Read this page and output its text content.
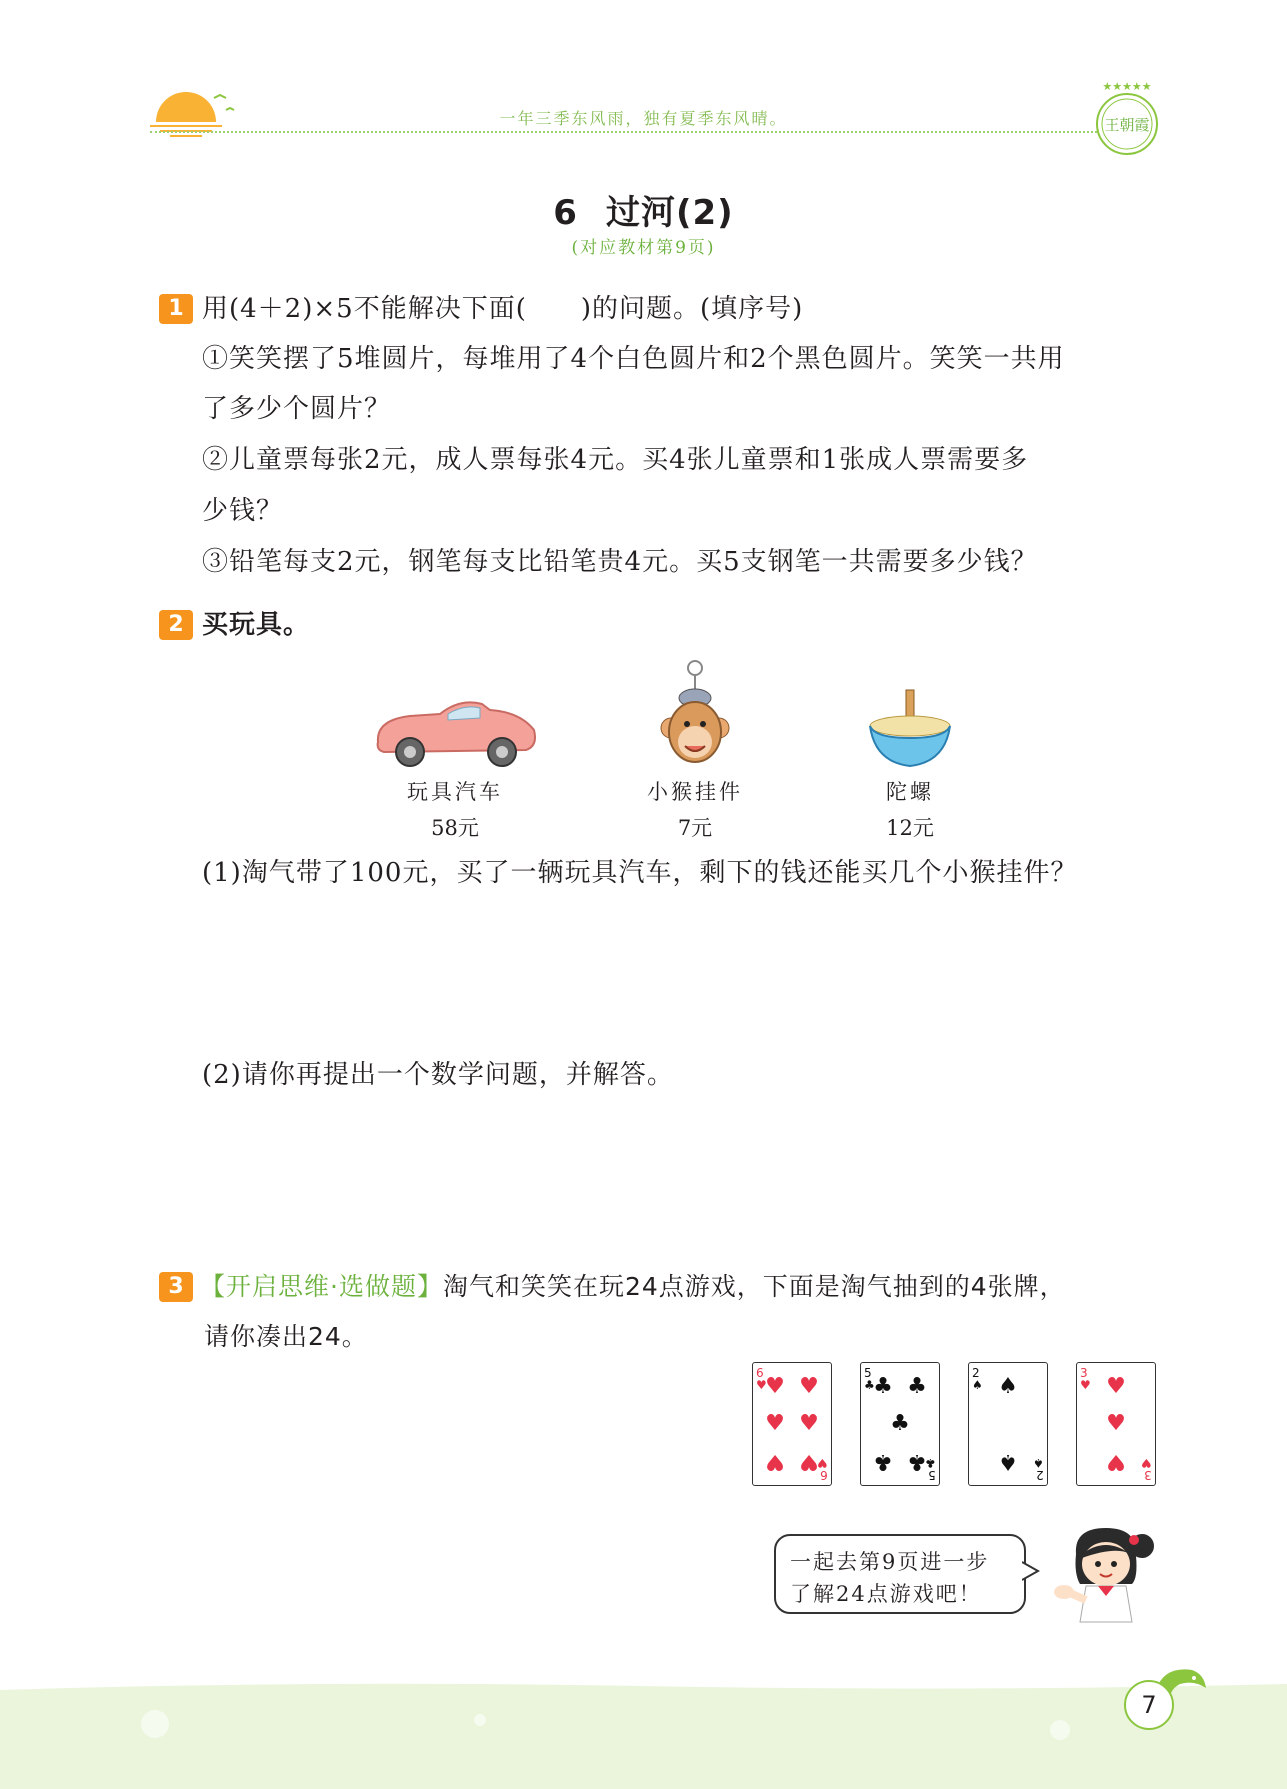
一年三季东风雨，独有夏季东风晴。
★★★★★
王朝霞
6 过河(2)
(对应教材第9页)
1 用(4＋2)×5不能解决下面(　　)的问题。(填序号)
①笑笑摆了5堆圆片，每堆用了4个白色圆片和2个黑色圆片。笑笑一共用
了多少个圆片？
②儿童票每张2元，成人票每张4元。买4张儿童票和1张成人票需要多
少钱？
③铅笔每支2元，钢笔每支比铅笔贵4元。买5支钢笔一共需要多少钱？
2 买玩具。
玩具汽车
58元
小猴挂件
7元
陀螺
12元
(1)淘气带了100元，买了一辆玩具汽车，剩下的钱还能买几个小猴挂件？
(2)请你再提出一个数学问题，并解答。
3 【开启思维·选做题】淘气和笑笑在玩24点游戏，下面是淘气抽到的4张牌，
请你凑出24。
6
♥
♥ ♥
♥ ♥
♥ ♥
6
♥
5
♣
♣ ♣
♣
♣ ♣
5
♣
2
♠ ♠
♠
2
♠
3
♥ ♥
♥
♥
3
♥
一起去第9页进一步
了解24点游戏吧！
7
